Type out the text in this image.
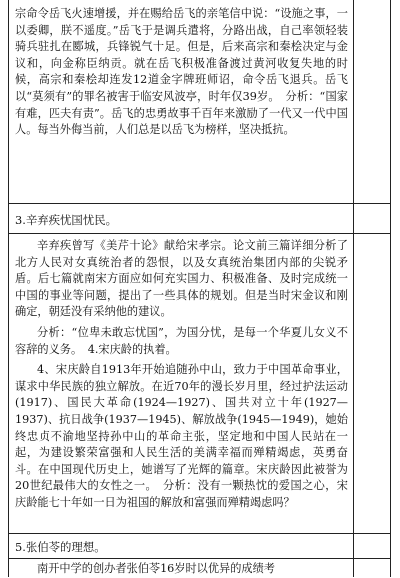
宗命令岳飞火速增援，并在赐给岳飞的亲笔信中说：“设施之事，一以委卿，朕不遥度。”岳飞于是调兵遣将，分路出战，自己率领轻装骑兵驻扎在郾城，兵锋锐气十足。但是，后来高宗和秦桧决定与金议和，向金称臣纳贡。就在岳飞积极准备渡过黄河收复失地的时候，高宗和秦桧却连发12道金字牌班师诏，命令岳飞退兵。岳飞以“莫须有”的罪名被害于临安风波亭，时年仅39岁。　分析：“国家有难，匹夫有责”。岳飞的忠勇故事千百年来激励了一代又一代中国人。每当外侮当前，人们总是以岳飞为榜样，坚决抵抗。

3.辛弃疾忧国忧民。

辛弃疾曾写《美芹十论》献给宋孝宗。论文前三篇详细分析了北方人民对女真统治者的怨恨，以及女真统治集团内部的尖锐矛盾。后七篇就南宋方面应如何充实国力、积极准备、及时完成统一中国的事业等问题，提出了一些具体的规划。但是当时宋金议和刚确定，朝廷没有采纳他的建议。

分析：“位卑未敢忘忧国”，为国分忧，是每一个华夏儿女义不容辞的义务。　4.宋庆龄的执着。

4、宋庆龄自1913年开始追随孙中山，致力于中国革命事业，谋求中华民族的独立解放。在近70年的漫长岁月里，经过护法运动(1917)、国民大革命(1924—1927)、国共对立十年(1927—1937)、抗日战争(1937—1945)、解放战争(1945—1949)，她始终忠贞不渝地坚持孙中山的革命主张，坚定地和中国人民站在一起，为建设繁荣富强和人民生活的美满幸福而殚精竭虑，英勇奋斗。在中国现代历史上，她谱写了光辉的篇章。宋庆龄因此被誉为20世纪最伟大的女性之一。　分析：没有一颗热忱的爱国之心，宋庆龄能七十年如一日为祖国的解放和富强而殚精竭虑吗？

5.张伯苓的理想。

南开中学的创办者张伯苓16岁时以优异的成绩考
